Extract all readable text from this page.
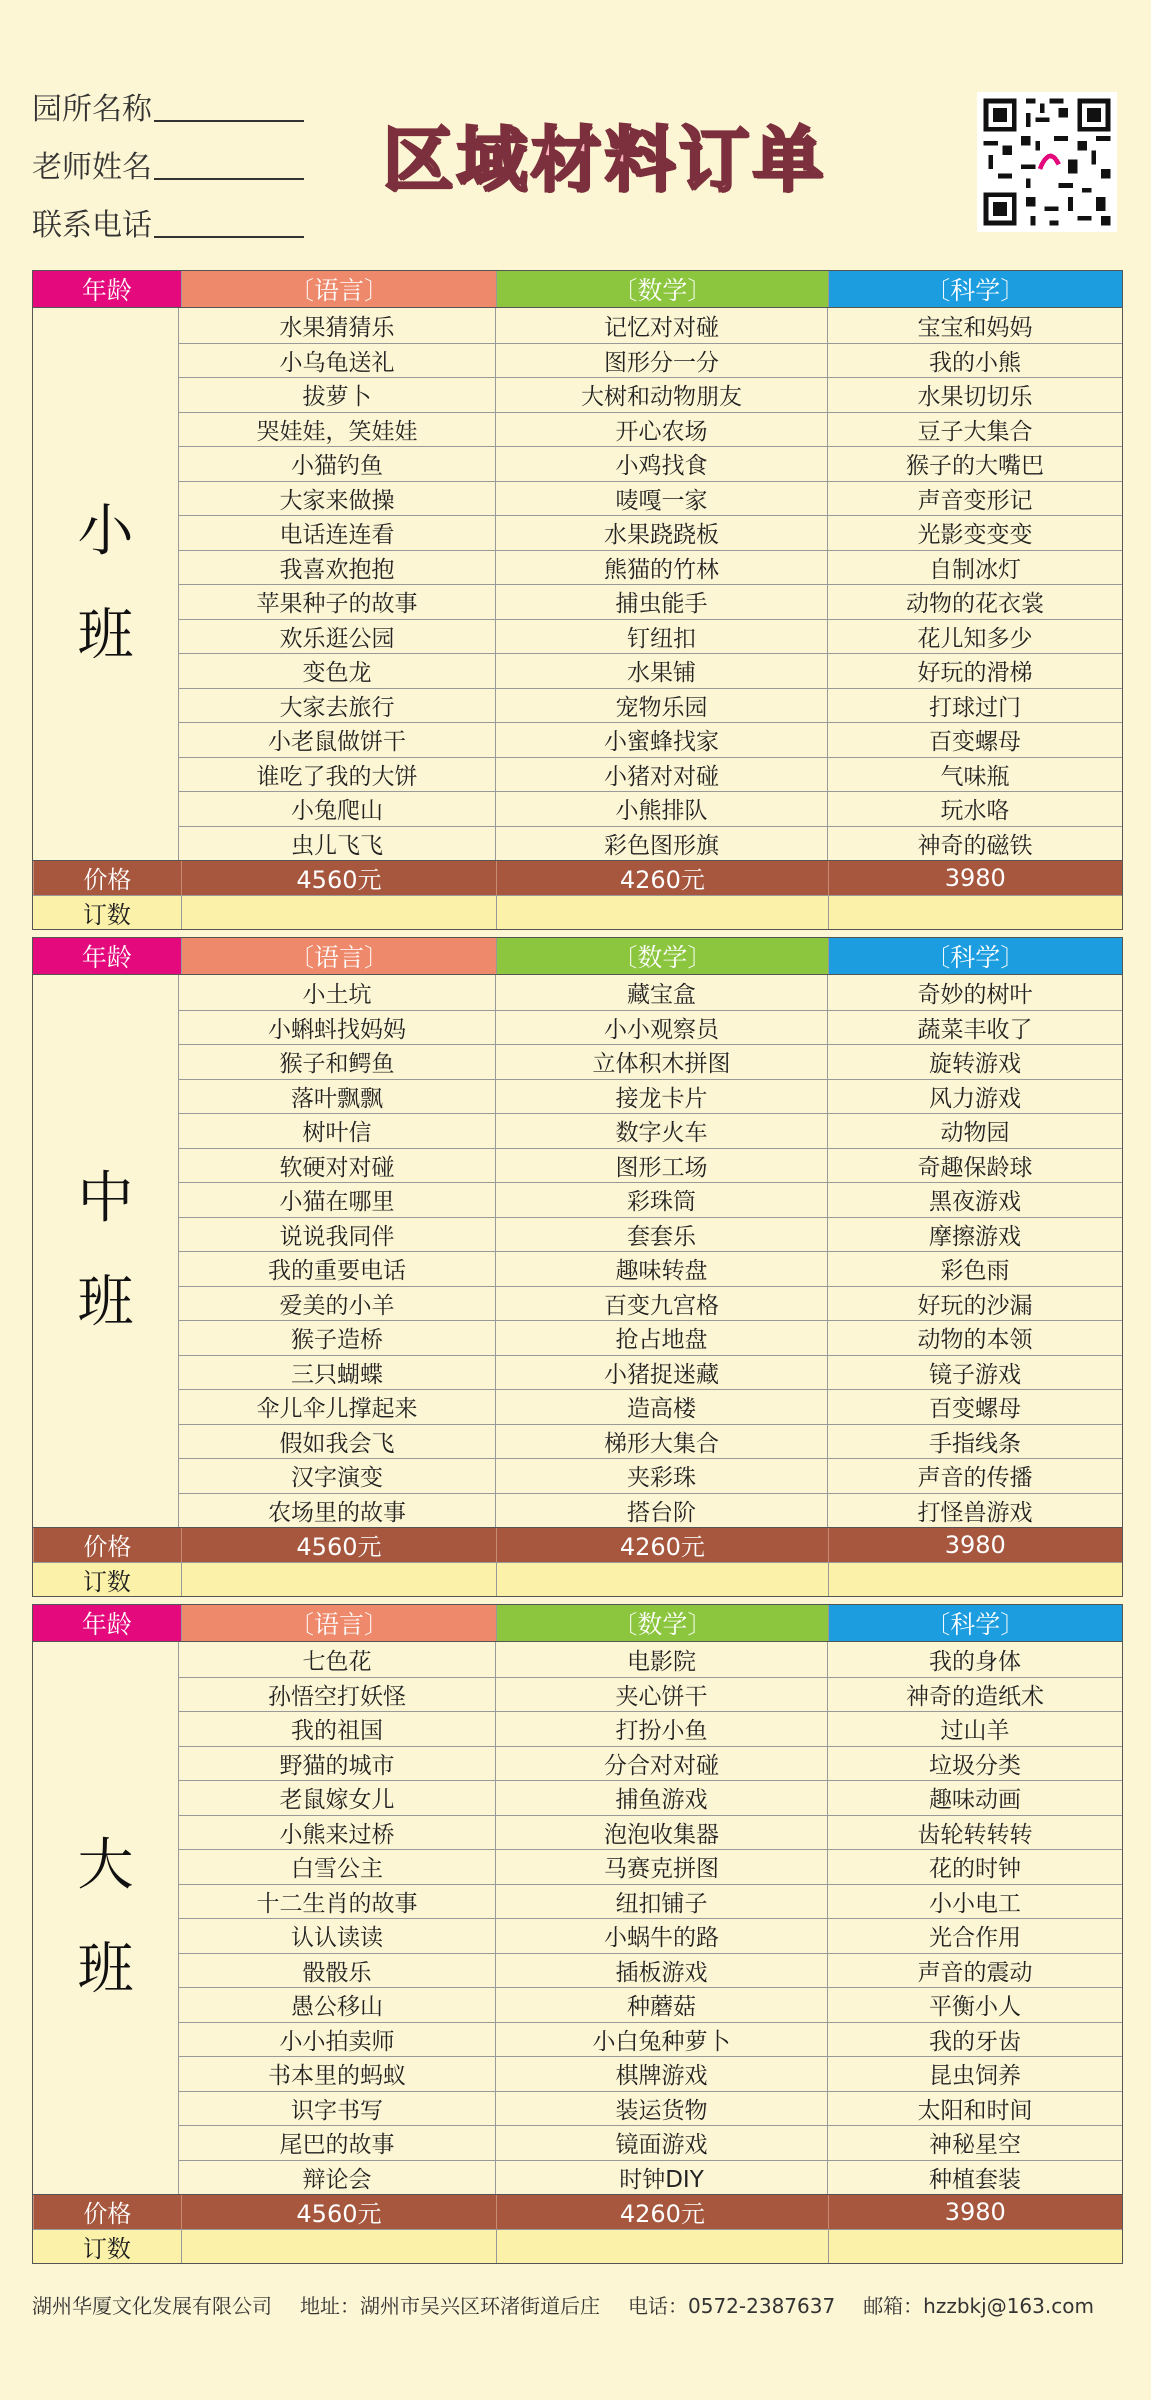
园所名称
老师姓名
联系电话
区域材料订单
年龄	〔语言〕	〔数学〕	〔科学〕
小
班
水果猜猜乐	记忆对对碰	宝宝和妈妈
小乌龟送礼	图形分一分	我的小熊
拔萝卜	大树和动物朋友	水果切切乐
哭娃娃，笑娃娃	开心农场	豆子大集合
小猫钓鱼	小鸡找食	猴子的大嘴巴
大家来做操	唛嘎一家	声音变形记
电话连连看	水果跷跷板	光影变变变
我喜欢抱抱	熊猫的竹林	自制冰灯
苹果种子的故事	捕虫能手	动物的花衣裳
欢乐逛公园	钉纽扣	花儿知多少
变色龙	水果铺	好玩的滑梯
大家去旅行	宠物乐园	打球过门
小老鼠做饼干	小蜜蜂找家	百变螺母
谁吃了我的大饼	小猪对对碰	气味瓶
小兔爬山	小熊排队	玩水咯
虫儿飞飞	彩色图形旗	神奇的磁铁
价格	4560元	4260元	3980
订数
年龄	〔语言〕	〔数学〕	〔科学〕
中
班
小土坑	藏宝盒	奇妙的树叶
小蝌蚪找妈妈	小小观察员	蔬菜丰收了
猴子和鳄鱼	立体积木拼图	旋转游戏
落叶飘飘	接龙卡片	风力游戏
树叶信	数字火车	动物园
软硬对对碰	图形工场	奇趣保龄球
小猫在哪里	彩珠筒	黑夜游戏
说说我同伴	套套乐	摩擦游戏
我的重要电话	趣味转盘	彩色雨
爱美的小羊	百变九宫格	好玩的沙漏
猴子造桥	抢占地盘	动物的本领
三只蝴蝶	小猪捉迷藏	镜子游戏
伞儿伞儿撑起来	造高楼	百变螺母
假如我会飞	梯形大集合	手指线条
汉字演变	夹彩珠	声音的传播
农场里的故事	搭台阶	打怪兽游戏
价格	4560元	4260元	3980
订数
年龄	〔语言〕	〔数学〕	〔科学〕
大
班
七色花	电影院	我的身体
孙悟空打妖怪	夹心饼干	神奇的造纸术
我的祖国	打扮小鱼	过山羊
野猫的城市	分合对对碰	垃圾分类
老鼠嫁女儿	捕鱼游戏	趣味动画
小熊来过桥	泡泡收集器	齿轮转转转
白雪公主	马赛克拼图	花的时钟
十二生肖的故事	纽扣铺子	小小电工
认认读读	小蜗牛的路	光合作用
骰骰乐	插板游戏	声音的震动
愚公移山	种蘑菇	平衡小人
小小拍卖师	小白兔种萝卜	我的牙齿
书本里的蚂蚁	棋牌游戏	昆虫饲养
识字书写	装运货物	太阳和时间
尾巴的故事	镜面游戏	神秘星空
辩论会	时钟DIY	种植套装
价格	4560元	4260元	3980
订数
湖州华厦文化发展有限公司 地址：湖州市吴兴区环渚街道后庄 电话：0572-2387637 邮箱：hzzbkj@163.com
